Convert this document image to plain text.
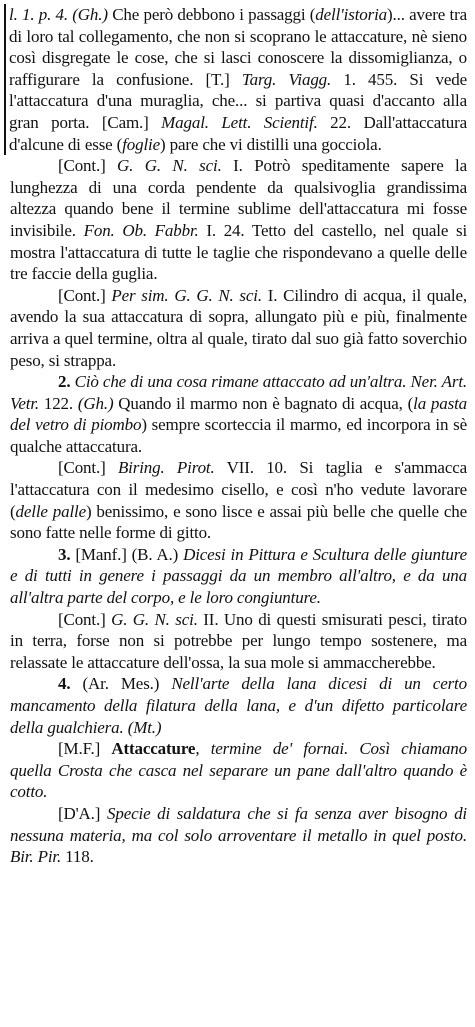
l. 1. p. 4. (Gh.) Che però debbono i passaggi (dell'istoria)... avere tra di loro tal collegamento, che non si scoprano le attaccature, nè sieno così disgregate le cose, che si lasci conoscere la dissomiglianza, o raffigurare la confusione. [T.] Targ. Viagg. 1. 455. Si vede l'attaccatura d'una muraglia, che... si partiva quasi d'accanto alla gran porta. [Cam.] Magal. Lett. Scientif. 22. Dall'attaccatura d'alcune di esse (foglie) pare che vi distilli una gocciola.

[Cont.] G. G. N. sci. I. Potrò speditamente sapere la lunghezza di una corda pendente da qualsivoglia grandissima altezza quando bene il termine sublime dell'attaccatura mi fosse invisibile. Fon. Ob. Fabbr. I. 24. Tetto del castello, nel quale si mostra l'attaccatura di tutte le taglie che rispondevano a quelle delle tre faccie della guglia.

[Cont.] Per sim. G. G. N. sci. I. Cilindro di acqua, il quale, avendo la sua attaccatura di sopra, allungato più e più, finalmente arriva a quel termine, oltra al quale, tirato dal suo già fatto soverchio peso, si strappa.

2. Ciò che di una cosa rimane attaccato ad un'altra. Ner. Art. Vetr. 122. (Gh.) Quando il marmo non è bagnato di acqua, (la pasta del vetro di piombo) sempre scorteccia il marmo, ed incorpora in sè qualche attaccatura.

[Cont.] Biring. Pirot. VII. 10. Si taglia e s'ammacca l'attaccatura con il medesimo cisello, e così n'ho vedute lavorare (delle palle) benissimo, e sono lisce e assai più belle che quelle che sono fatte nelle forme di gitto.

3. [Manf.] (B. A.) Dicesi in Pittura e Scultura delle giunture e di tutti in genere i passaggi da un membro all'altro, e da una all'altra parte del corpo, e le loro congiunture.

[Cont.] G. G. N. sci. II. Uno di questi smisurati pesci, tirato in terra, forse non si potrebbe per lungo tempo sostenere, ma relassate le attaccature dell'ossa, la sua mole si ammaccherebbe.

4. (Ar. Mes.) Nell'arte della lana dicesi di un certo mancamento della filatura della lana, e d'un difetto particolare della gualchiera. (Mt.)

[M.F.] Attaccature, termine de' fornai. Così chiamano quella Crosta che casca nel separare un pane dall'altro quando è cotto.

[D'A.] Specie di saldatura che si fa senza aver bisogno di nessuna materia, ma col solo arroventare il metallo in quel posto. Bir. Pir. 118.
